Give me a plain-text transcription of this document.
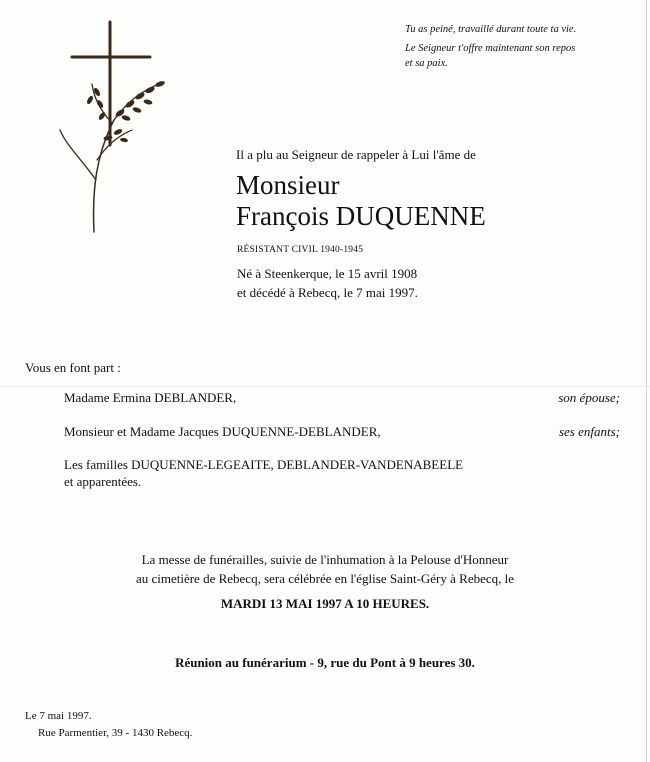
Tu as peiné, travaillé durant toute ta vie.

Le Seigneur t'offre maintenant son repos
et sa paix.

Il a plu au Seigneur de rappeler à Lui l'âme de
Monsieur
François DUQUENNE
RÉSISTANT CIVIL 1940-1945
Né à Steenkerque, le 15 avril 1908
et décédé à Rebecq, le 7 mai 1997.
Vous en font part :
Madame Ermina DEBLANDER,	son épouse;
Monsieur et Madame Jacques DUQUENNE-DEBLANDER,	ses enfants;
Les familles DUQUENNE-LEGEAITE, DEBLANDER-VANDENABEELE
et apparentées.
La messe de funérailles, suivie de l'inhumation à la Pelouse d'Honneur
au cimetière de Rebecq, sera célébrée en l'église Saint-Géry à Rebecq, le
MARDI 13 MAI 1997 A 10 HEURES.
Réunion au funérarium - 9, rue du Pont à 9 heures 30.
Le 7 mai 1997.
Rue Parmentier, 39 - 1430 Rebecq.
